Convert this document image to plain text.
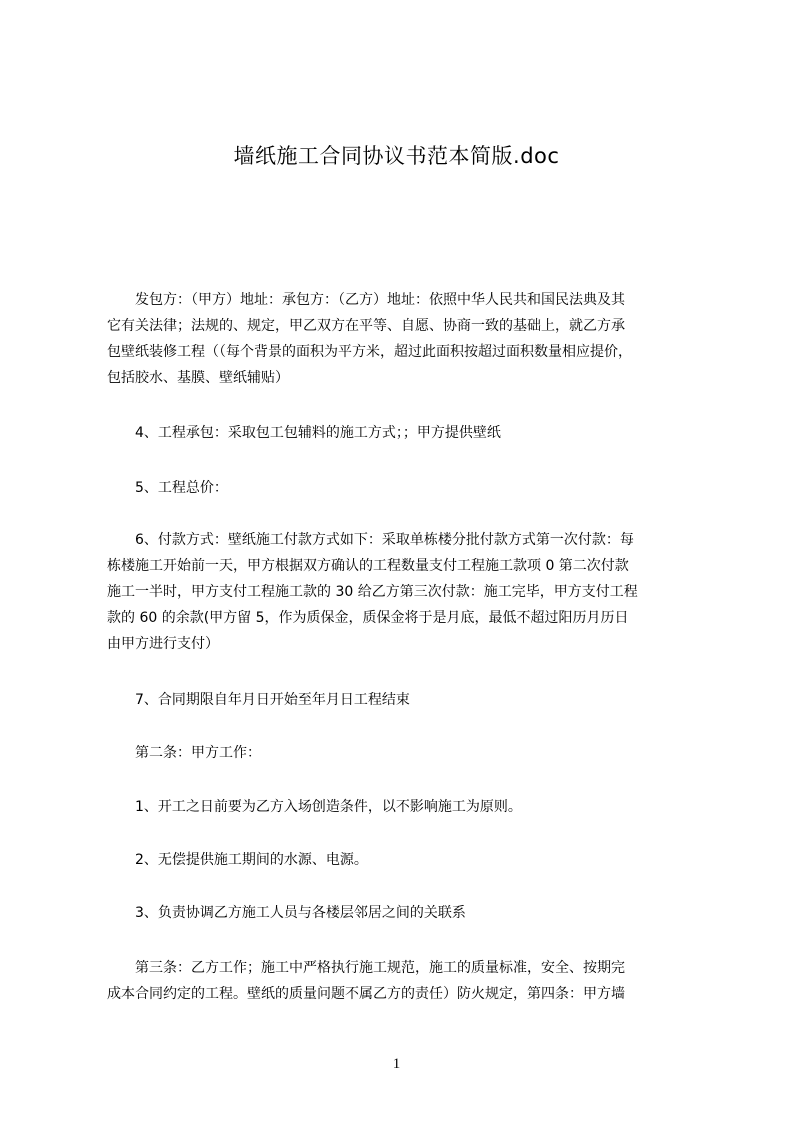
墙纸施工合同协议书范本简版.doc
　　发包方：（甲方）地址：承包方：（乙方）地址：依照中华人民共和国民法典及其
它有关法律；法规的、规定，甲乙双方在平等、自愿、协商一致的基础上，就乙方承
包壁纸装修工程（（每个背景的面积为平方米，超过此面积按超过面积数量相应提价，
包括胶水、基膜、壁纸辅贴）
　　4、工程承包：采取包工包辅料的施工方式；；甲方提供壁纸
　　5、工程总价：
　　6、付款方式：壁纸施工付款方式如下：采取单栋楼分批付款方式第一次付款：每
栋楼施工开始前一天，甲方根据双方确认的工程数量支付工程施工款项 0 第二次付款
施工一半时，甲方支付工程施工款的 30 给乙方第三次付款：施工完毕，甲方支付工程
款的 60 的余款(甲方留 5，作为质保金，质保金将于是月底，最低不超过阳历月历日
由甲方进行支付）
　　7、合同期限自年月日开始至年月日工程结束
　　第二条：甲方工作：
　　1、开工之日前要为乙方入场创造条件，以不影响施工为原则。
　　2、无偿提供施工期间的水源、电源。
　　3、负责协调乙方施工人员与各楼层邻居之间的关联系
　　第三条：乙方工作；施工中严格执行施工规范，施工的质量标准，安全、按期完
成本合同约定的工程。壁纸的质量问题不属乙方的责任）防火规定，第四条：甲方墙
1
